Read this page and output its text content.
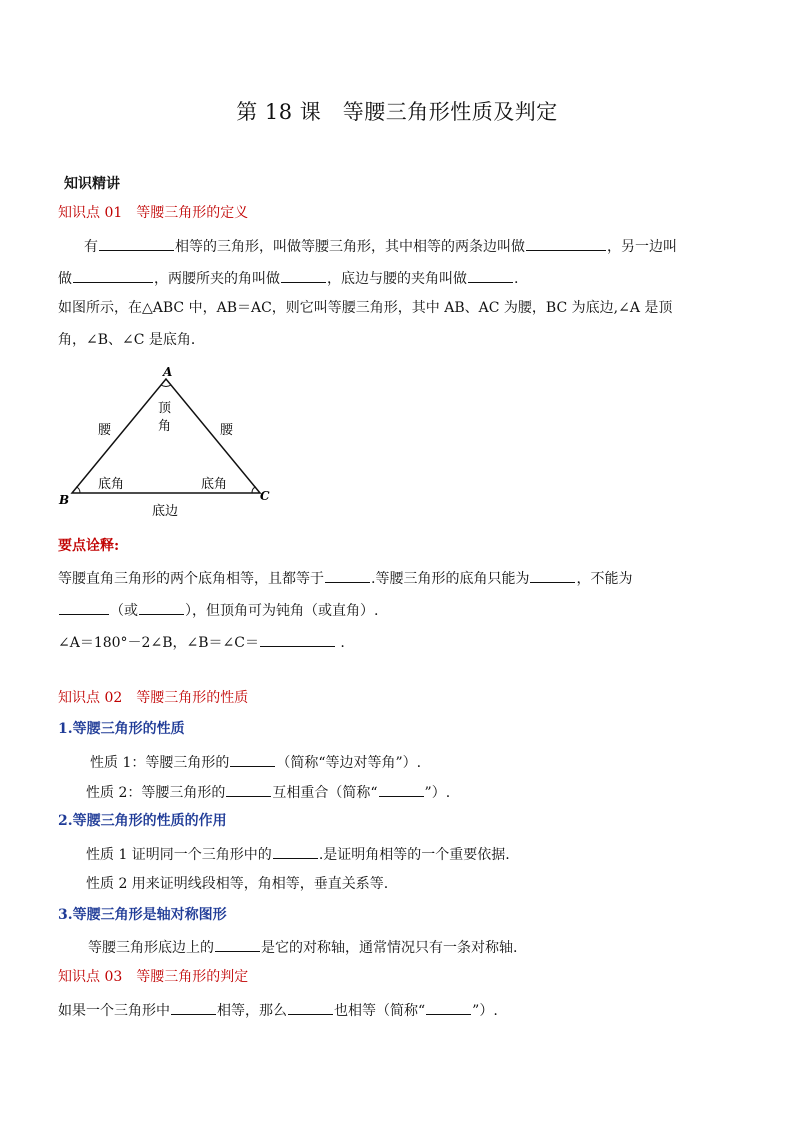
第 18 课　等腰三角形性质及判定
知识精讲
知识点 01　等腰三角形的定义
有	相等的三角形，叫做等腰三角形，其中相等的两条边叫做	，另一边叫
做	，两腰所夹的角叫做	，底边与腰的夹角叫做	.
如图所示，在△ABC 中，AB＝AC，则它叫等腰三角形，其中 AB、AC 为腰，BC 为底边,∠A 是顶
角，∠B、∠C 是底角．
A
B	C
顶
角
腰	腰
底角	底角
底边
要点诠释:
等腰直角三角形的两个底角相等，且都等于	.等腰三角形的底角只能为	，不能为
（或	），但顶角可为钝角（或直角）.
∠A＝180°－2∠B，∠B＝∠C＝	.
知识点 02　等腰三角形的性质
1.等腰三角形的性质
性质 1：等腰三角形的	（简称“等边对等角”）.
性质 2：等腰三角形的	互相重合（简称“	”）.
2.等腰三角形的性质的作用
性质 1 证明同一个三角形中的	.是证明角相等的一个重要依据.
性质 2 用来证明线段相等，角相等，垂直关系等.
3.等腰三角形是轴对称图形
等腰三角形底边上的	是它的对称轴，通常情况只有一条对称轴.
知识点 03　等腰三角形的判定
如果一个三角形中	相等，那么	也相等（简称“	”）.
